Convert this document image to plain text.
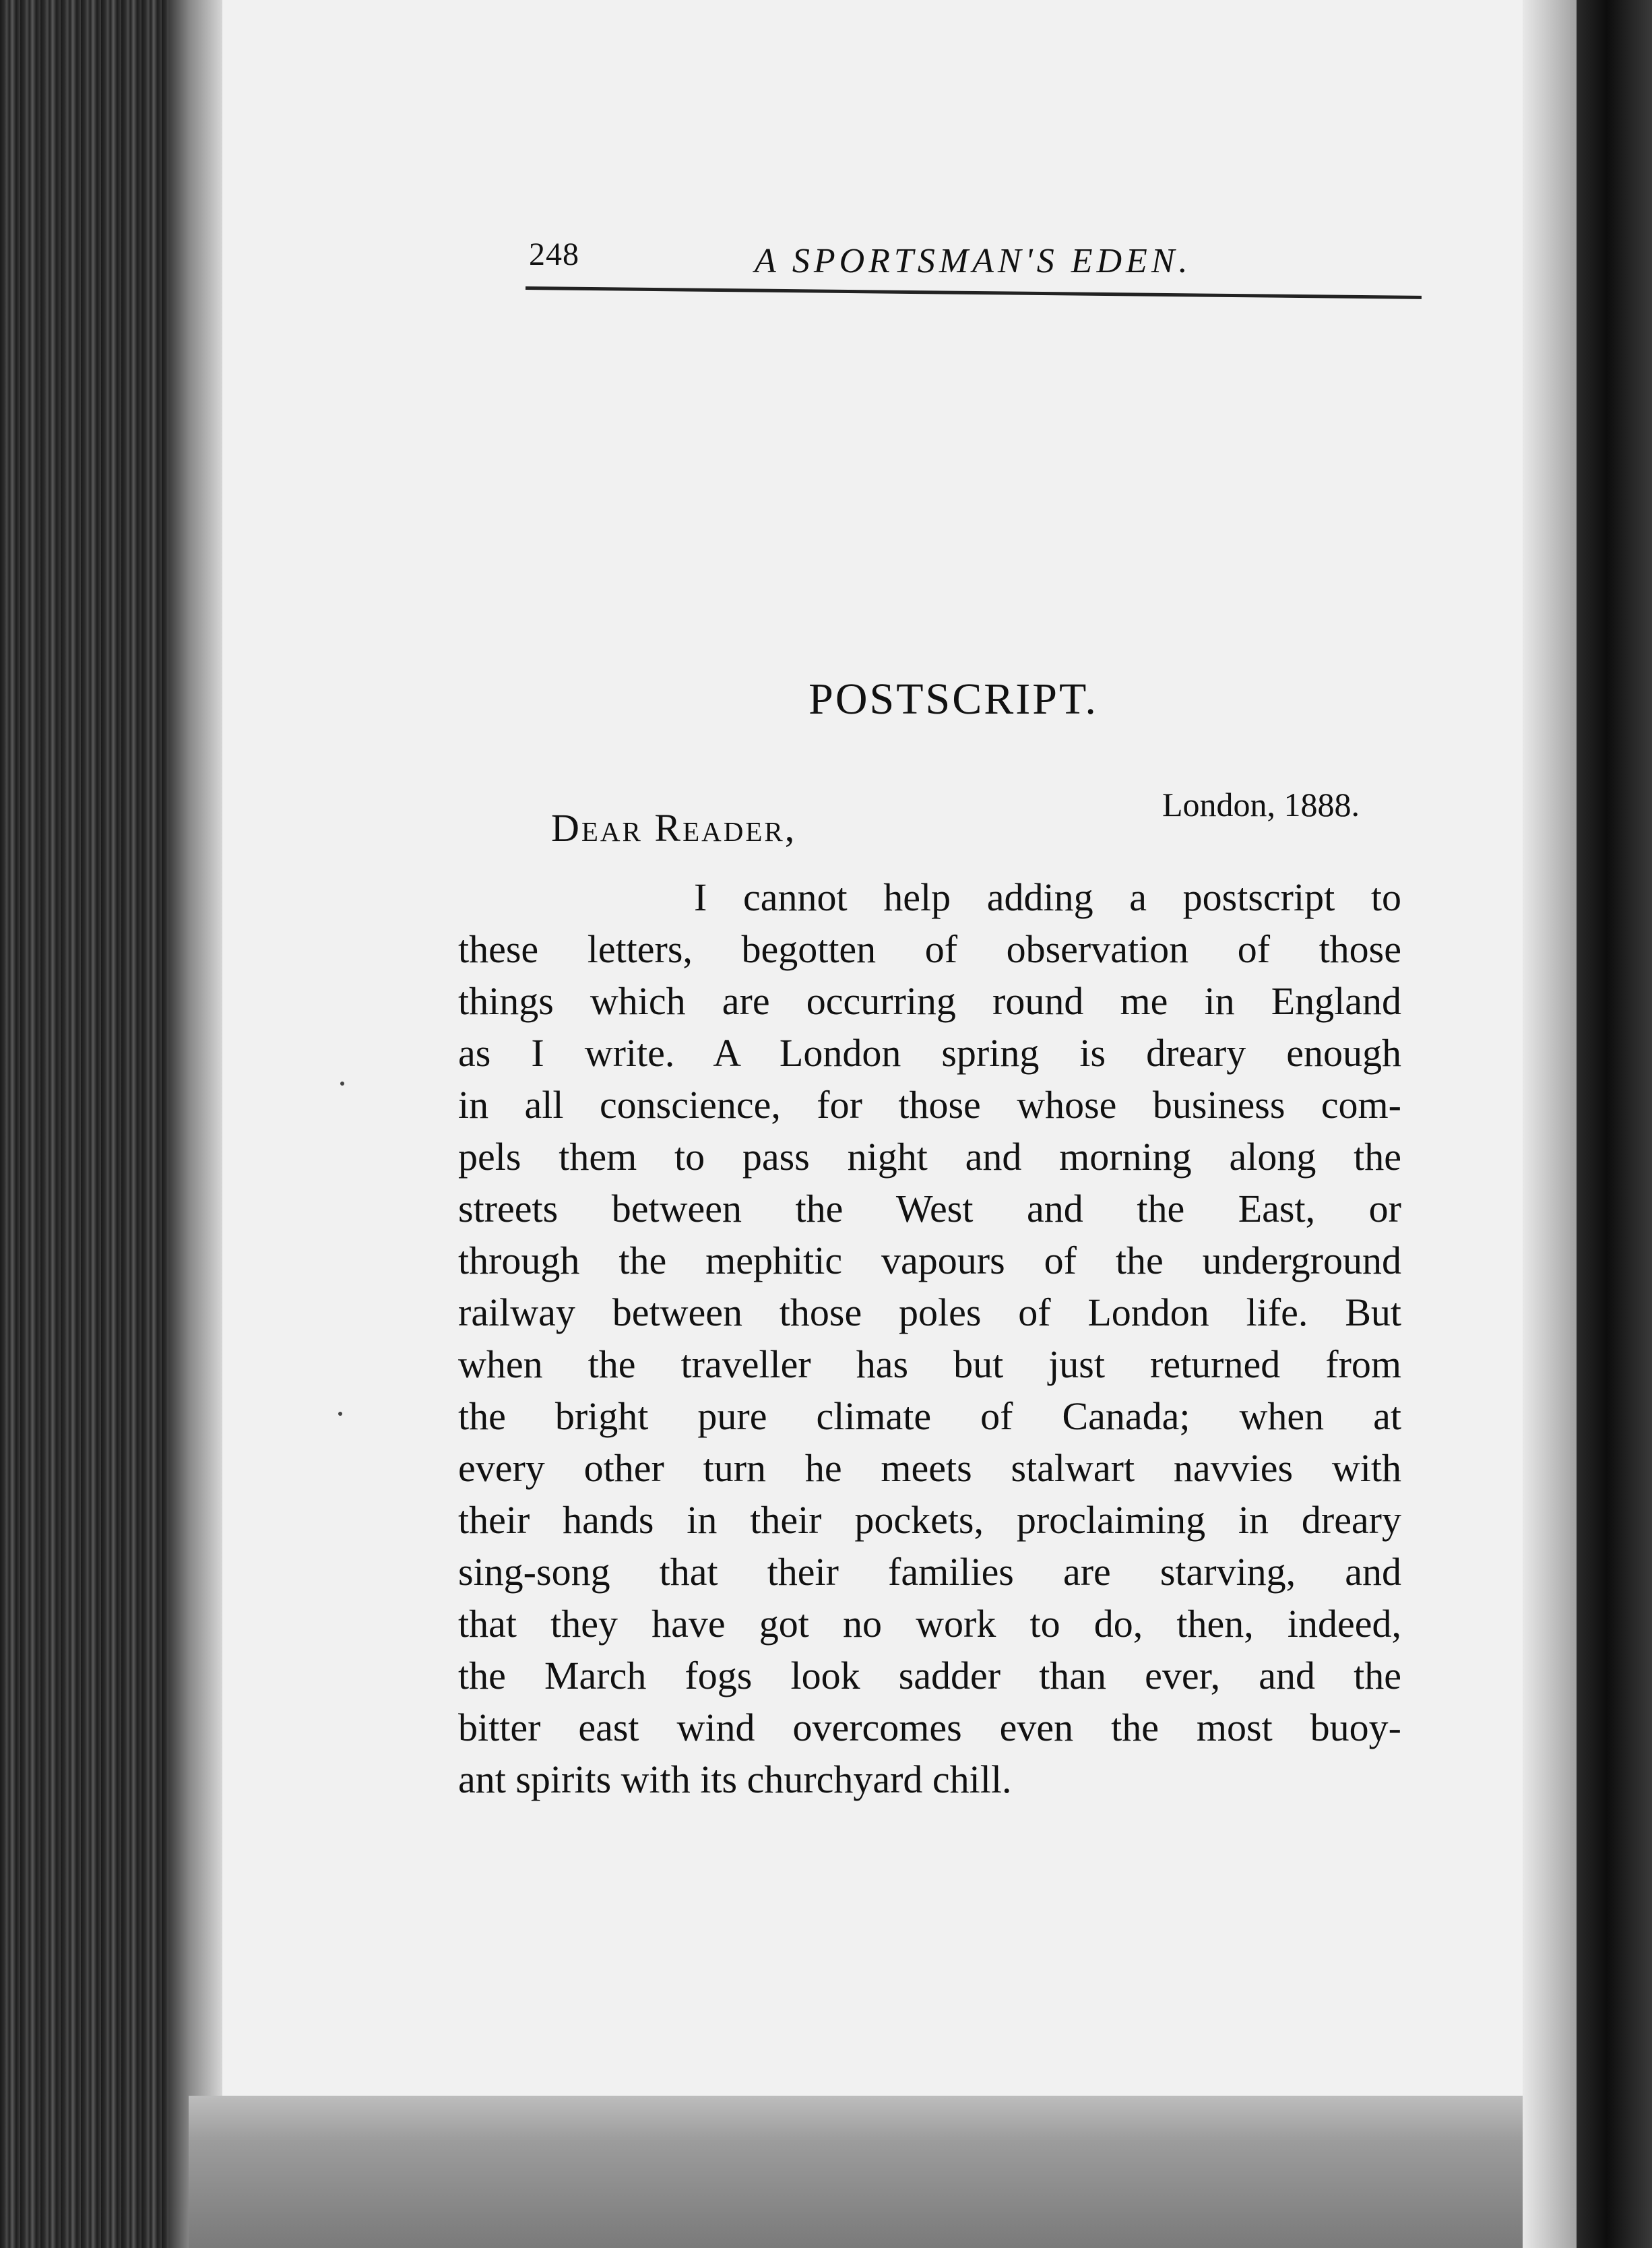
248	A SPORTSMAN'S EDEN.
POSTSCRIPT.
London, 1888.
Dear Reader,
I cannot help adding a postscript to
these letters, begotten of observation of those
things which are occurring round me in England
as I write. A London spring is dreary enough
in all conscience, for those whose business com-
pels them to pass night and morning along the
streets between the West and the East, or
through the mephitic vapours of the underground
railway between those poles of London life. But
when the traveller has but just returned from
the bright pure climate of Canada; when at
every other turn he meets stalwart navvies with
their hands in their pockets, proclaiming in dreary
sing-song that their families are starving, and
that they have got no work to do, then, indeed,
the March fogs look sadder than ever, and the
bitter east wind overcomes even the most buoy-
ant spirits with its churchyard chill.
